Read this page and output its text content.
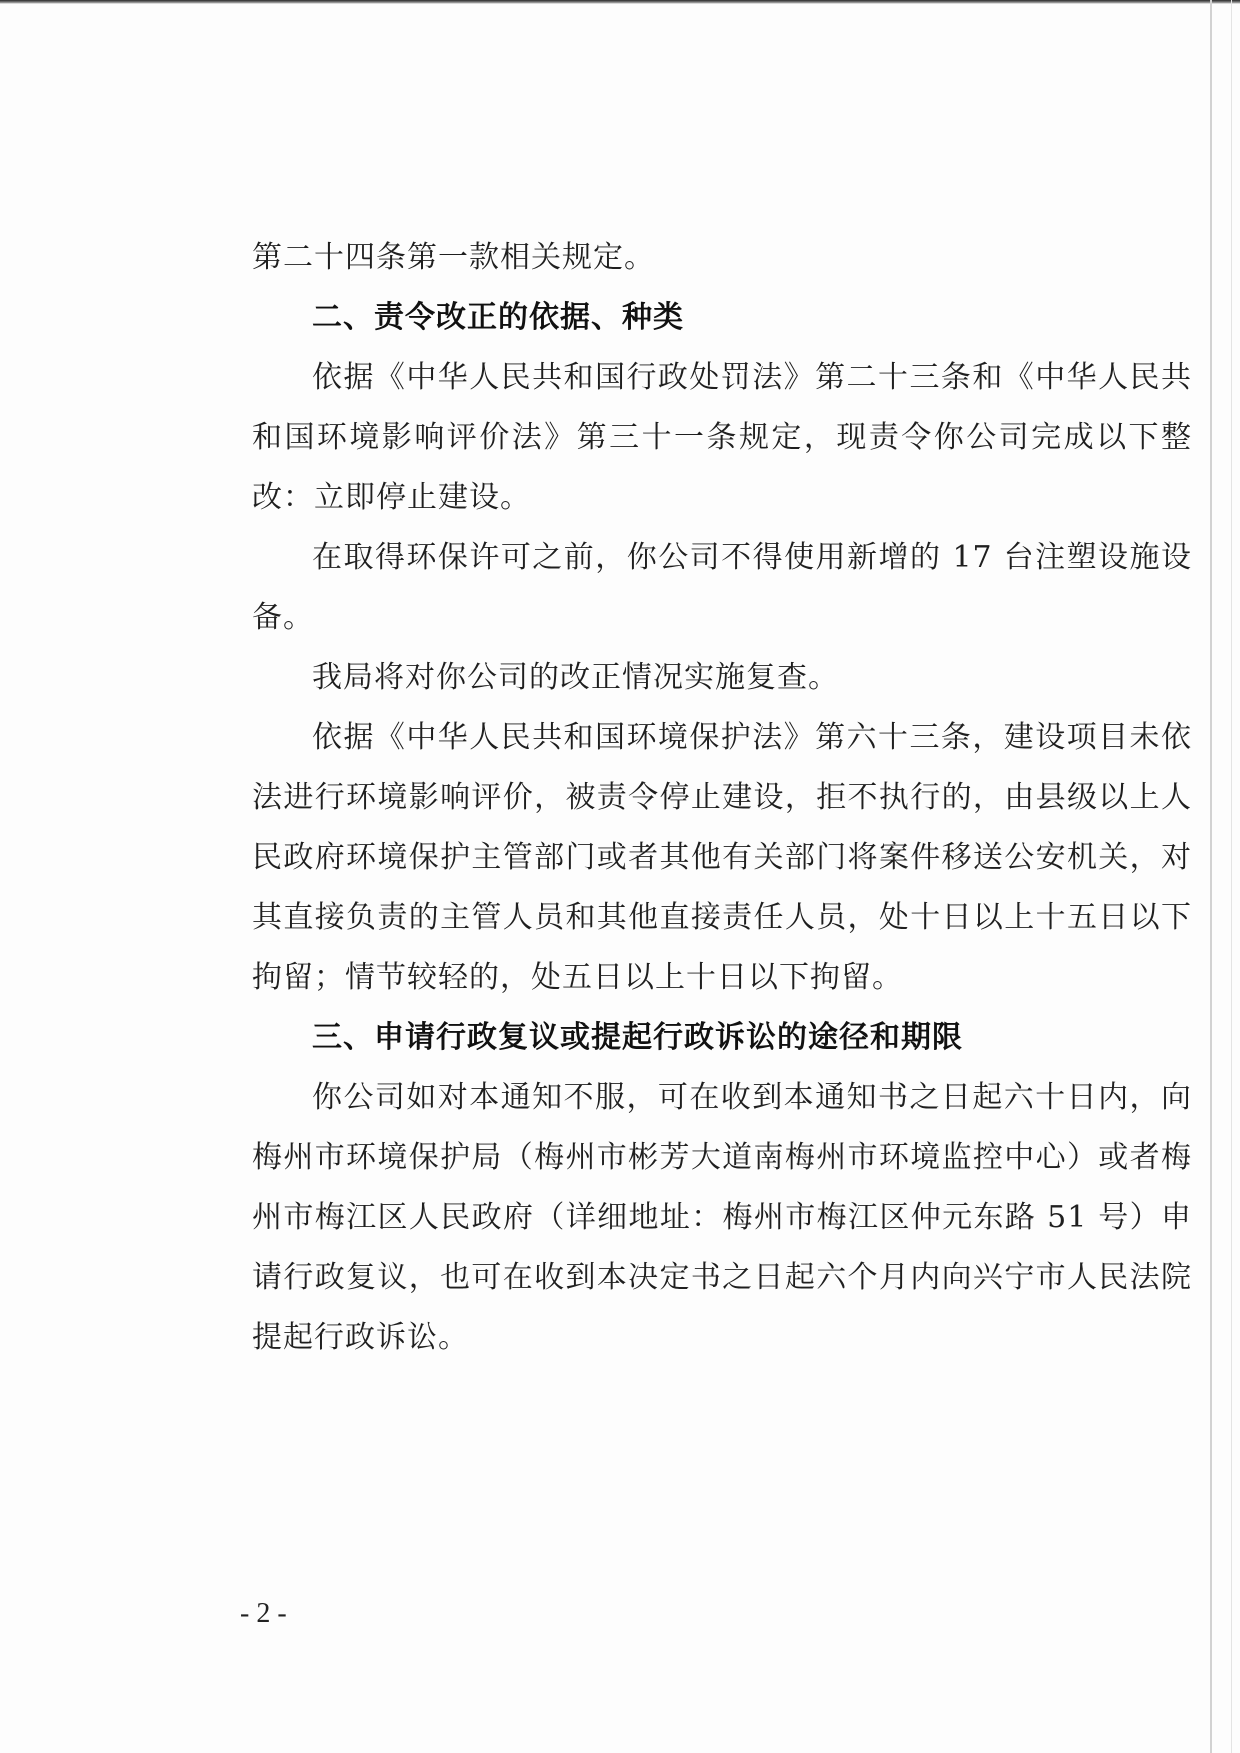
第二十四条第一款相关规定。

二、责令改正的依据、种类

依据《中华人民共和国行政处罚法》第二十三条和《中华人民共和国环境影响评价法》第三十一条规定，现责令你公司完成以下整改：立即停止建设。

在取得环保许可之前，你公司不得使用新增的 17 台注塑设施设备。

我局将对你公司的改正情况实施复查。

依据《中华人民共和国环境保护法》第六十三条，建设项目未依法进行环境影响评价，被责令停止建设，拒不执行的，由县级以上人民政府环境保护主管部门或者其他有关部门将案件移送公安机关，对其直接负责的主管人员和其他直接责任人员，处十日以上十五日以下拘留；情节较轻的，处五日以上十日以下拘留。

三、申请行政复议或提起行政诉讼的途径和期限

你公司如对本通知不服，可在收到本通知书之日起六十日内，向梅州市环境保护局（梅州市彬芳大道南梅州市环境监控中心）或者梅州市梅江区人民政府（详细地址：梅州市梅江区仲元东路 51 号）申请行政复议，也可在收到本决定书之日起六个月内向兴宁市人民法院提起行政诉讼。

- 2 -
